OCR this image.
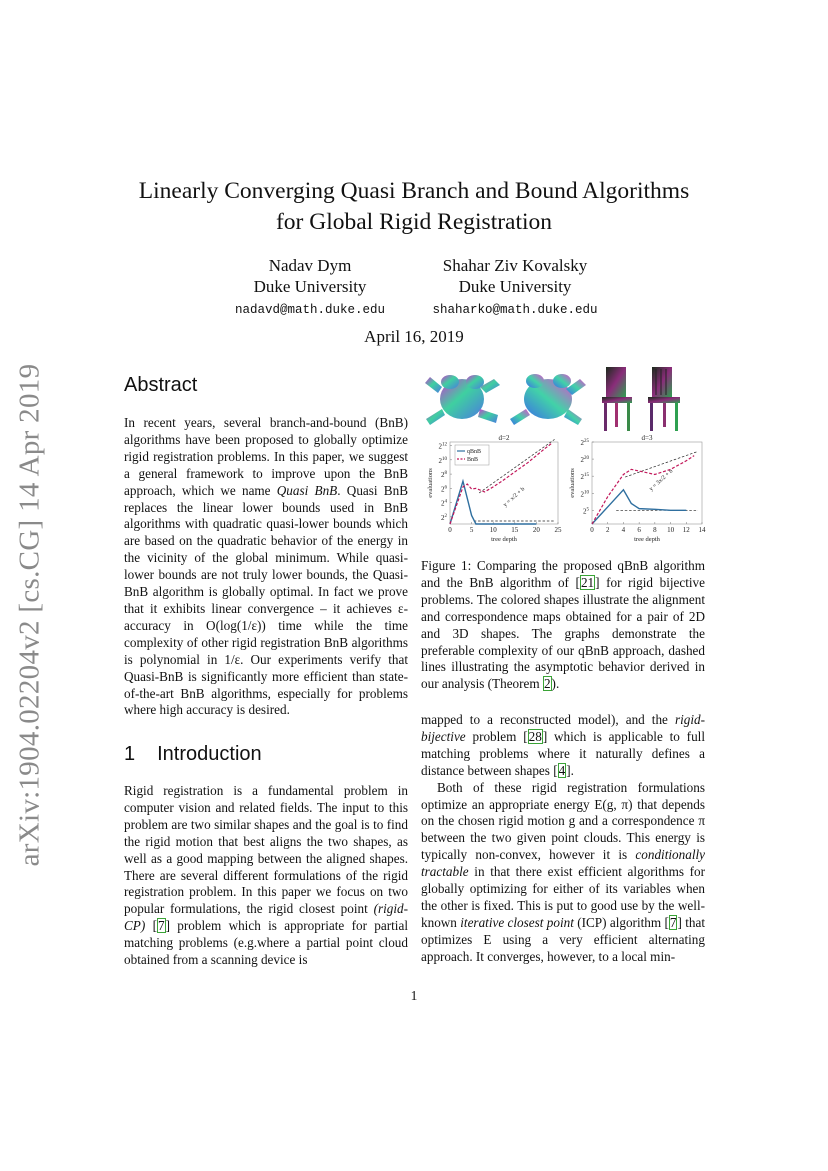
arXiv:1904.02204v2 [cs.CG] 14 Apr 2019
Linearly Converging Quasi Branch and Bound Algorithms
for Global Rigid Registration
Nadav Dym
Duke University
nadavd@math.duke.edu
Shahar Ziv Kovalsky
Duke University
shaharko@math.duke.edu
April 16, 2019
Abstract

In recent years, several branch-and-bound (BnB) algorithms have been proposed to globally optimize rigid registration problems. In this paper, we suggest a general framework to improve upon the BnB approach, which we name Quasi BnB. Quasi BnB replaces the linear lower bounds used in BnB algorithms with quadratic quasi-lower bounds which are based on the quadratic behavior of the energy in the vicinity of the global minimum. While quasi-lower bounds are not truly lower bounds, the Quasi-BnB algorithm is globally optimal. In fact we prove that it exhibits linear convergence – it achieves ε-accuracy in O(log(1/ε)) time while the time complexity of other rigid registration BnB algorithms is polynomial in 1/ε. Our experiments verify that Quasi-BnB is significantly more efficient than state-of-the-art BnB algorithms, especially for problems where high accuracy is desired.

1 Introduction

Rigid registration is a fundamental problem in computer vision and related fields. The input to this problem are two similar shapes and the goal is to find the rigid motion that best aligns the two shapes, as well as a good mapping between the aligned shapes. There are several different formulations of the rigid registration problem. In this paper we focus on two popular formulations, the rigid closest point (rigid-CP) [7] problem which is appropriate for partial matching problems (e.g.where a partial point cloud obtained from a scanning device is

mapped to a reconstructed model), and the rigid-bijective problem [28] which is applicable to full matching problems where it naturally defines a distance between shapes [4].

Both of these rigid registration formulations optimize an appropriate energy E(g, π) that depends on the chosen rigid motion g and a correspondence π between the two given point clouds. This energy is typically non-convex, however it is conditionally tractable in that there exist efficient algorithms for globally optimizing for either of its variables when the other is fixed. This is put to good use by the well-known iterative closest point (ICP) algorithm [7] that optimizes E using a very efficient alternating approach. It converges, however, to a local min-

d=2
0	5 10 15 20 25
$2^2$
$2^4$
$2^6$
$2^8$
$2^{10}$
$2^{12}$
tree depth
evaluations	y = x/2 + b
qBnB
BnB
d=3
0 2 4 6 8 10 12 14
$2^5$
$2^{10}$
$2^{15}$
$2^{20}$
$2^{25}$
tree depth
evaluations	y = 3x/2 + b
Figure 1: Comparing the proposed qBnB algorithm and the BnB algorithm of [21] for rigid bijective problems. The colored shapes illustrate the alignment and correspondence maps obtained for a pair of 2D and 3D shapes. The graphs demonstrate the preferable complexity of our qBnB approach, dashed lines illustrating the asymptotic behavior derived in our analysis (Theorem 2).
1
